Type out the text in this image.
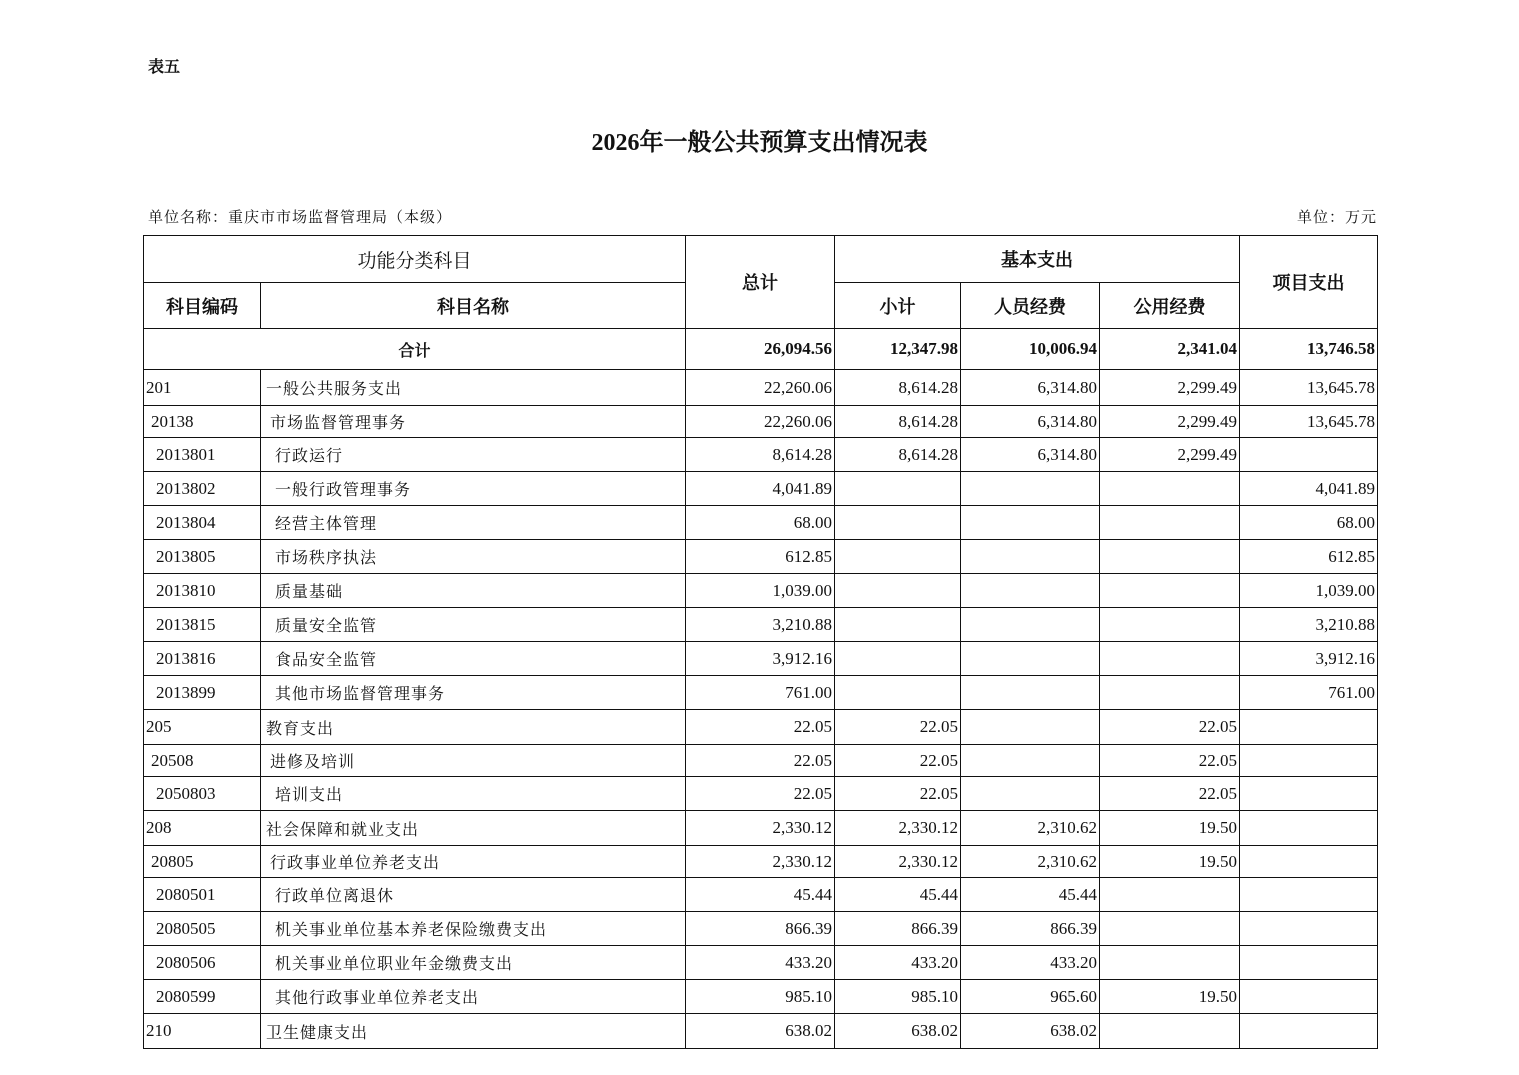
表五
2026年一般公共预算支出情况表
单位名称：重庆市市场监督管理局（本级）	单位：万元
功能分类科目		总计	基本支出			项目支出
科目编码	科目名称		小计	人员经费	公用经费	
合计		26,094.56	12,347.98	10,006.94	2,341.04	13,746.58
201	一般公共服务支出	22,260.06	8,614.28	6,314.80	2,299.49	13,645.78
20138	市场监督管理事务	22,260.06	8,614.28	6,314.80	2,299.49	13,645.78
2013801	行政运行	8,614.28	8,614.28	6,314.80	2,299.49	
2013802	一般行政管理事务	4,041.89				4,041.89
2013804	经营主体管理	68.00				68.00
2013805	市场秩序执法	612.85				612.85
2013810	质量基础	1,039.00				1,039.00
2013815	质量安全监管	3,210.88				3,210.88
2013816	食品安全监管	3,912.16				3,912.16
2013899	其他市场监督管理事务	761.00				761.00
205	教育支出	22.05	22.05		22.05	
20508	进修及培训	22.05	22.05		22.05	
2050803	培训支出	22.05	22.05		22.05	
208	社会保障和就业支出	2,330.12	2,330.12	2,310.62	19.50	
20805	行政事业单位养老支出	2,330.12	2,330.12	2,310.62	19.50	
2080501	行政单位离退休	45.44	45.44	45.44		
2080505	机关事业单位基本养老保险缴费支出	866.39	866.39	866.39		
2080506	机关事业单位职业年金缴费支出	433.20	433.20	433.20		
2080599	其他行政事业单位养老支出	985.10	985.10	965.60	19.50	
210	卫生健康支出	638.02	638.02	638.02		
